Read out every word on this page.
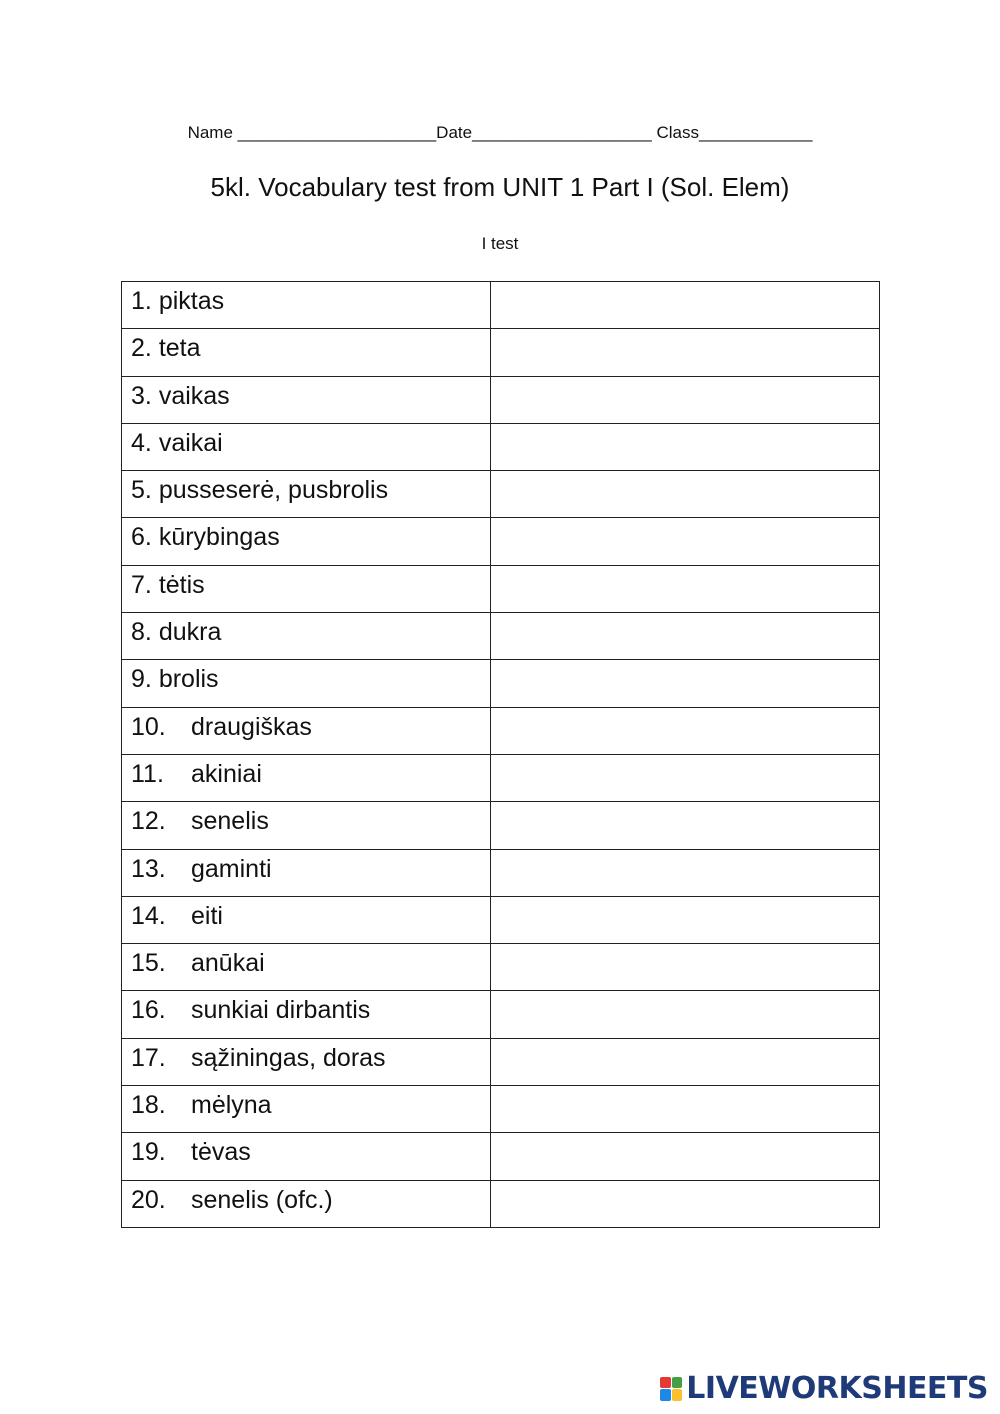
Name _____________________Date___________________ Class____________
5kl. Vocabulary test from UNIT 1 Part I (Sol. Elem)
I test
1. piktas	
2. teta	
3. vaikas	
4. vaikai	
5. pusseserė, pusbrolis	
6. kūrybingas	
7. tėtis	
8. dukra	
9. brolis	
10. draugiškas	
11. akiniai	
12. senelis	
13. gaminti	
14. eiti	
15. anūkai	
16. sunkiai dirbantis	
17. sąžiningas, doras	
18. mėlyna	
19. tėvas	
20. senelis (ofc.)	
LIVEWORKSHEETS
